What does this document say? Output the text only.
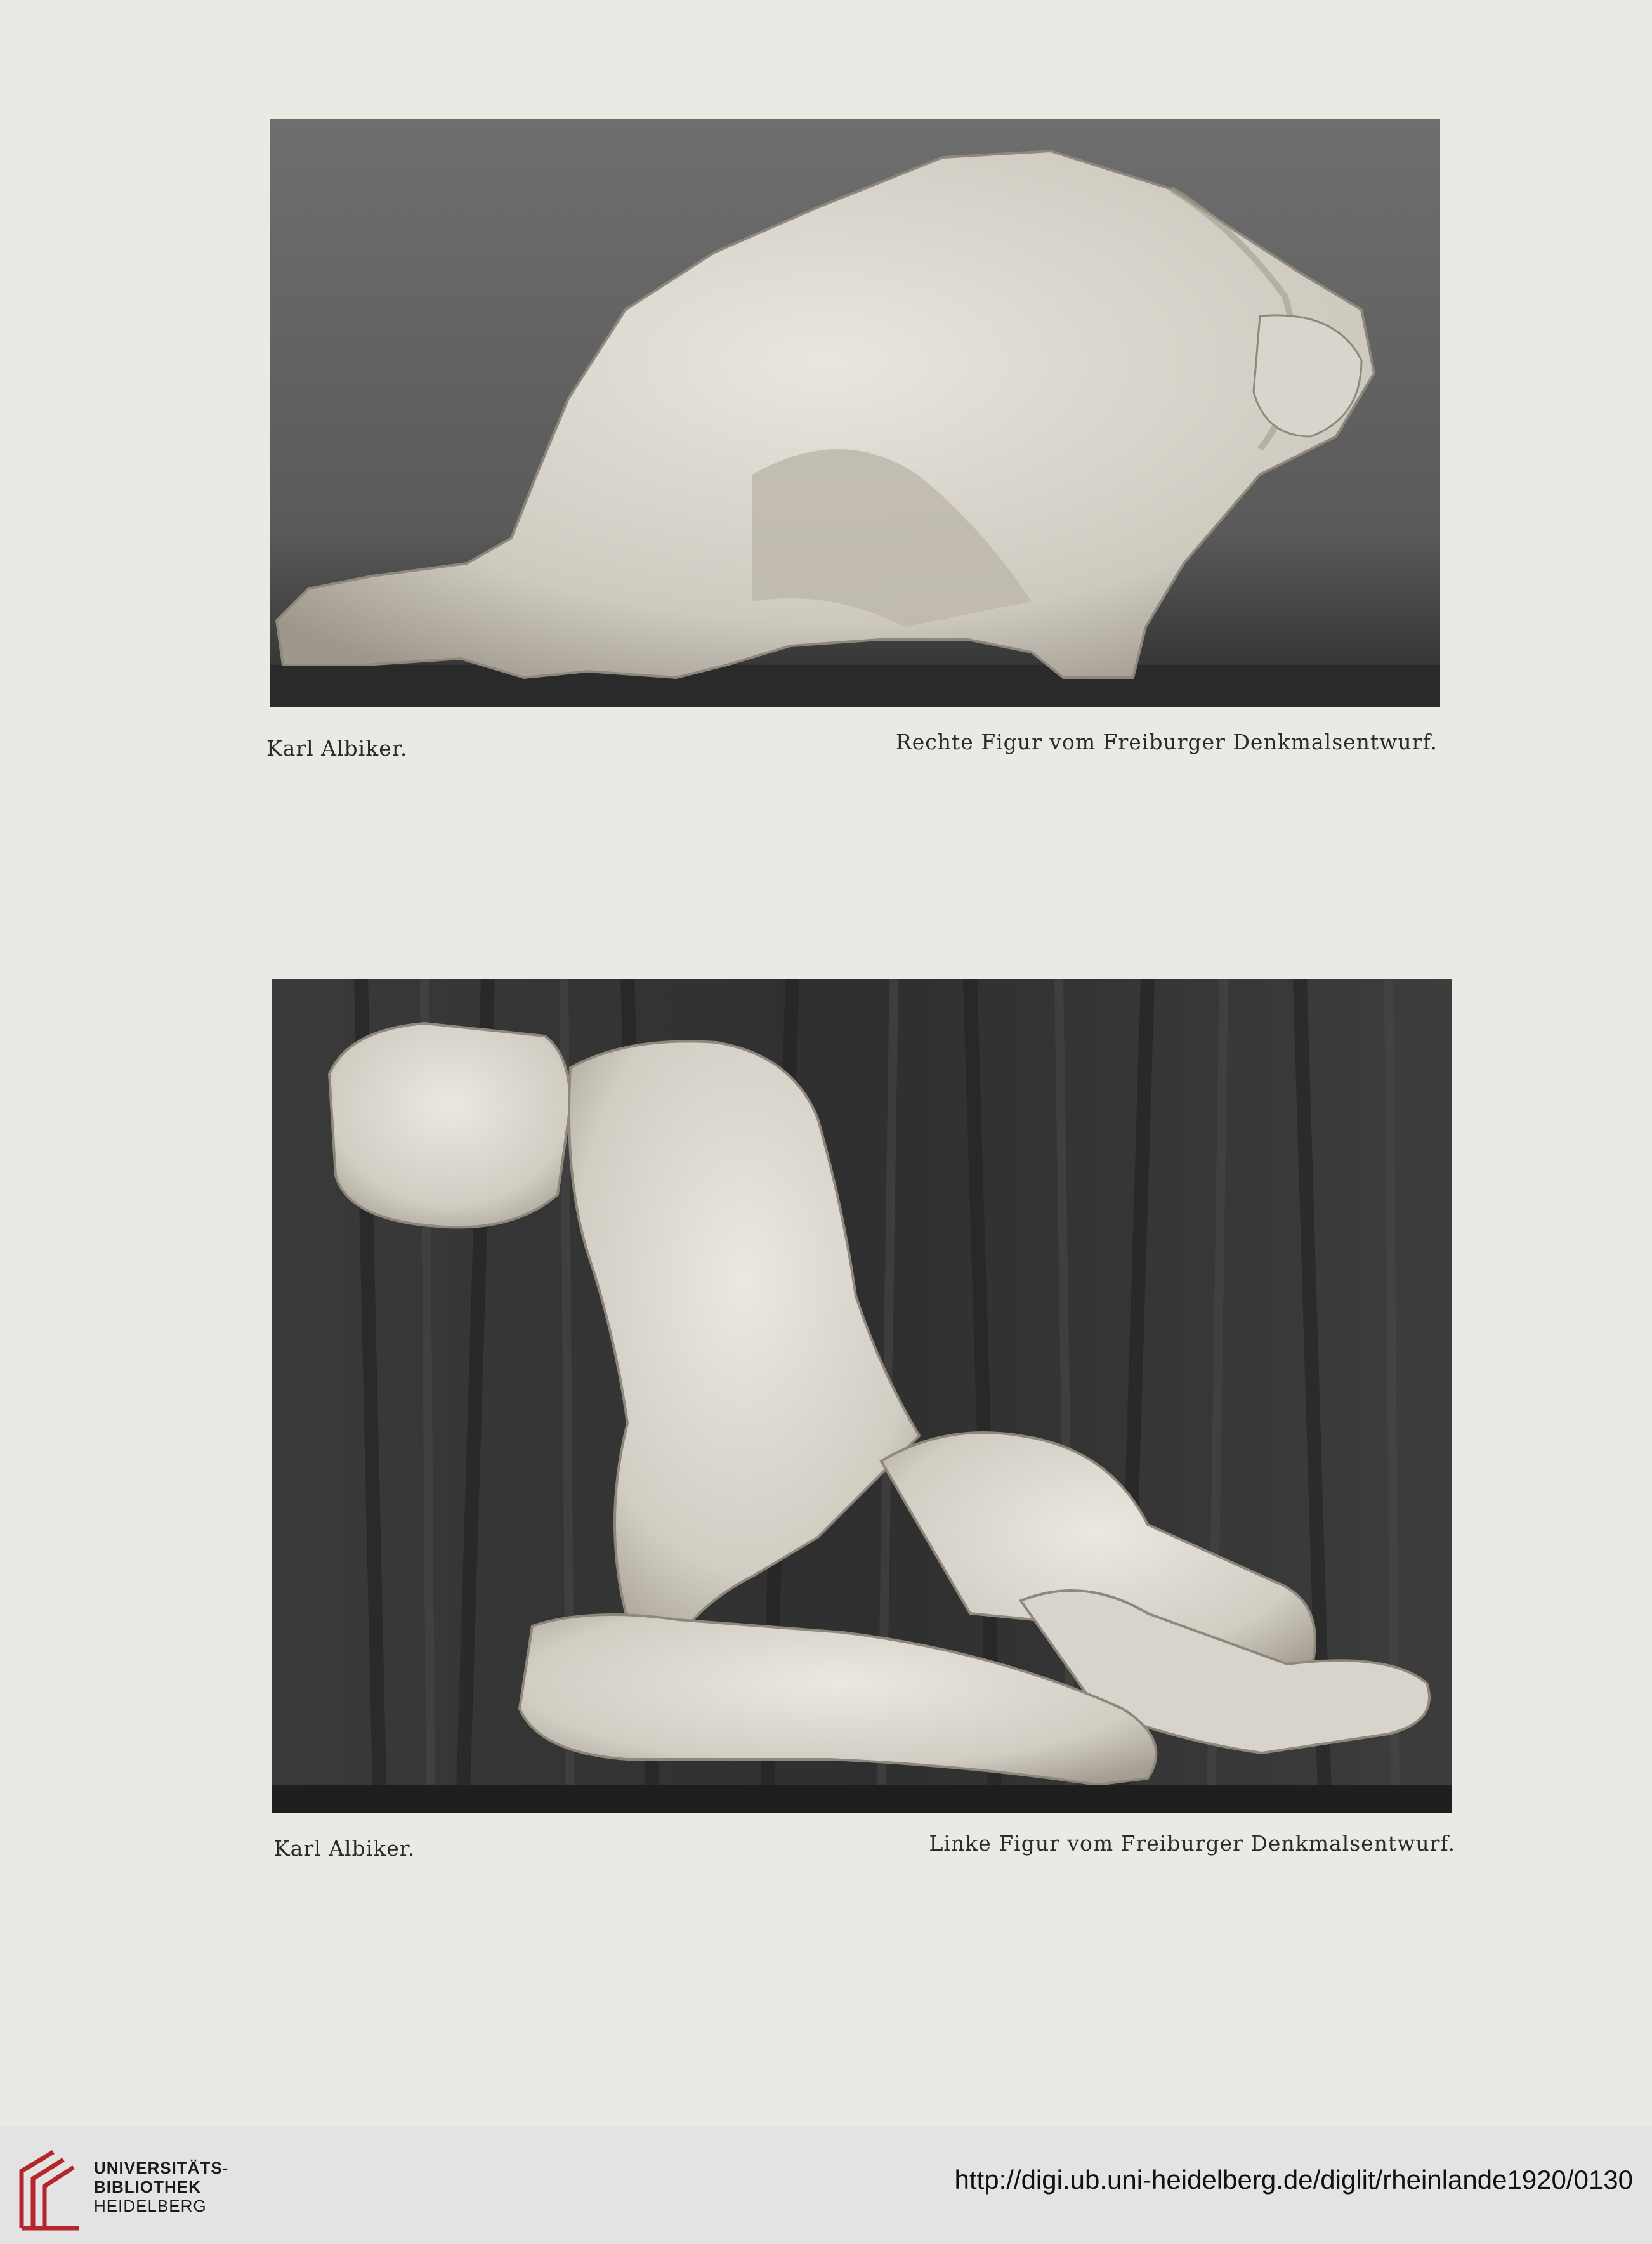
Karl Albiker.	Rechte Figur vom Freiburger Denkmalsentwurf.
Karl Albiker.	Linke Figur vom Freiburger Denkmalsentwurf.
UNIVERSITÄTS-
BIBLIOTHEK
HEIDELBERG
http://digi.ub.uni-heidelberg.de/diglit/rheinlande1920/0130
